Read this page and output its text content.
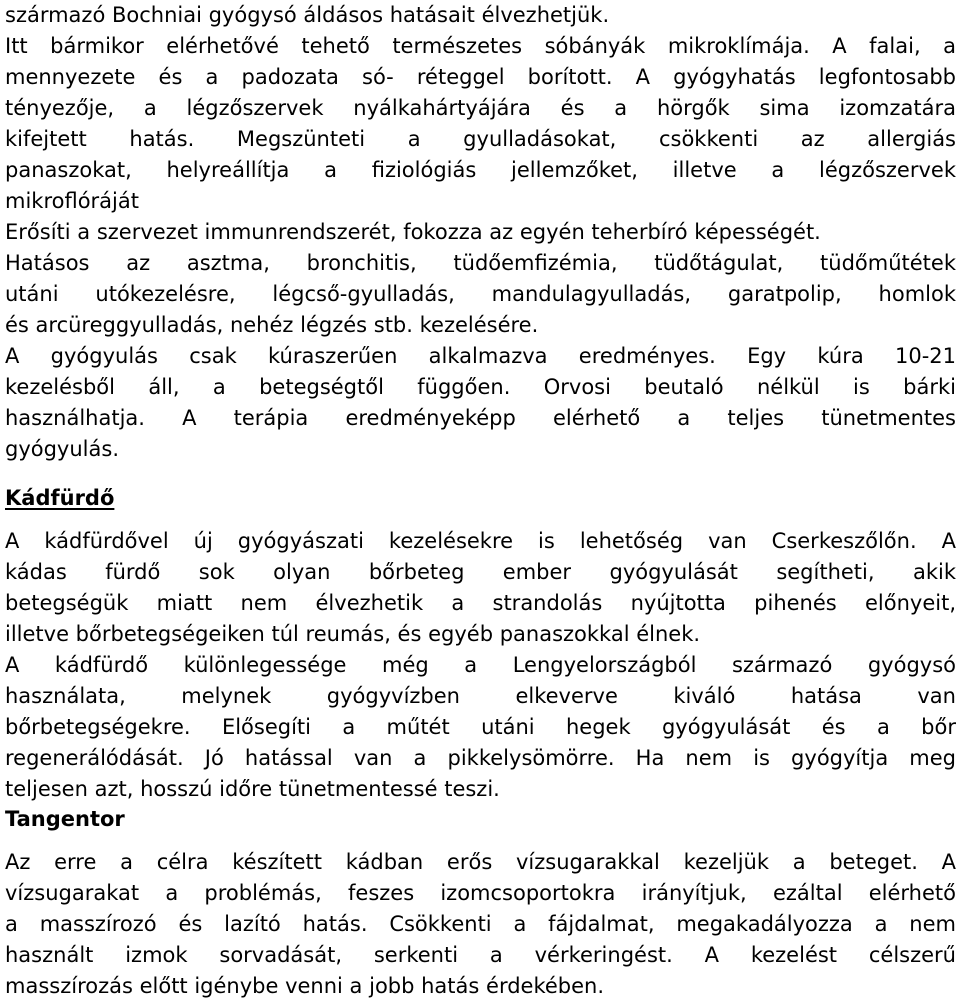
származó Bochniai gyógysó áldásos hatásait élvezhetjük.
Itt bármikor elérhetővé tehető természetes sóbányák mikroklímája. A falai, a
mennyezete és a padozata só- réteggel borított. A gyógyhatás legfontosabb
tényezője, a légzőszervek nyálkahártyájára és a hörgők sima izomzatára
kifejtett hatás. Megszünteti a gyulladásokat, csökkenti az allergiás
panaszokat, helyreállítja a fiziológiás jellemzőket, illetve a légzőszervek
mikroflóráját
Erősíti a szervezet immunrendszerét, fokozza az egyén teherbíró képességét.
Hatásos az asztma, bronchitis, tüdőemfizémia, tüdőtágulat, tüdőműtétek
utáni utókezelésre, légcső-gyulladás, mandulagyulladás, garatpolip, homlok
és arcüreggyulladás, nehéz légzés stb. kezelésére.
A gyógyulás csak kúraszerűen alkalmazva eredményes. Egy kúra 10-21
kezelésből áll, a betegségtől függően. Orvosi beutaló nélkül is bárki
használhatja. A terápia eredményeképp elérhető a teljes tünetmentes
gyógyulás.
Kádfürdő
A kádfürdővel új gyógyászati kezelésekre is lehetőség van Cserkeszőlőn. A
kádas fürdő sok olyan bőrbeteg ember gyógyulását segítheti, akik
betegségük miatt nem élvezhetik a strandolás nyújtotta pihenés előnyeit,
illetve bőrbetegségeiken túl reumás, és egyéb panaszokkal élnek.
A kádfürdő különlegessége még a Lengyelországból származó gyógysó
használata, melynek gyógyvízben elkeverve kiváló hatása van
bőrbetegségekre. Elősegíti a műtét utáni hegek gyógyulását és a bőr
regenerálódását. Jó hatással van a pikkelysömörre. Ha nem is gyógyítja meg
teljesen azt, hosszú időre tünetmentessé teszi.
Tangentor
Az erre a célra készített kádban erős vízsugarakkal kezeljük a beteget. A
vízsugarakat a problémás, feszes izomcsoportokra irányítjuk, ezáltal elérhető
a masszírozó és lazító hatás. Csökkenti a fájdalmat, megakadályozza a nem
használt izmok sorvadását, serkenti a vérkeringést. A kezelést célszerű
masszírozás előtt igénybe venni a jobb hatás érdekében.
